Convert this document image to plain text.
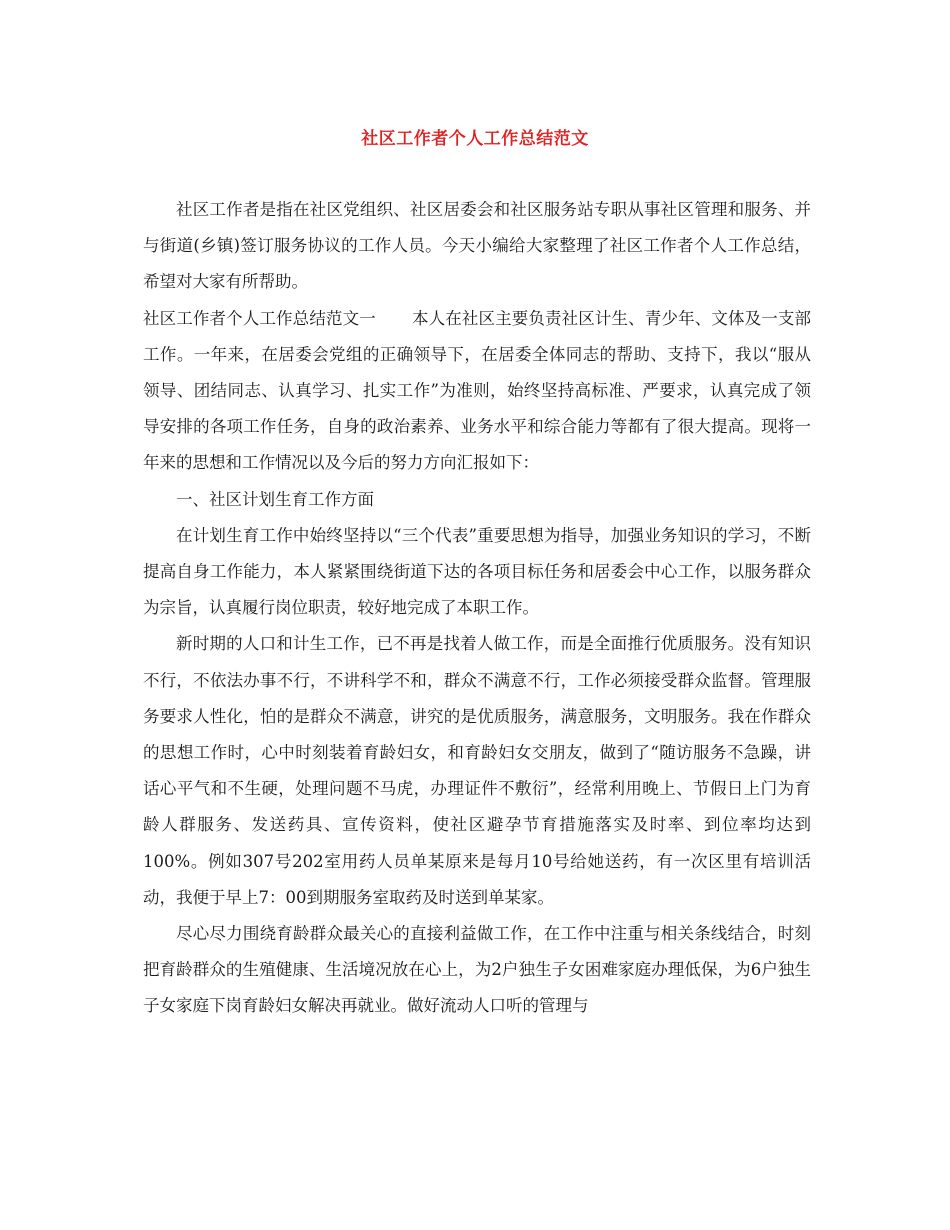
社区工作者个人工作总结范文

社区工作者是指在社区党组织、社区居委会和社区服务站专职从事社区管理和服务、并与街道(乡镇)签订服务协议的工作人员。今天小编给大家整理了社区工作者个人工作总结，希望对大家有所帮助。

社区工作者个人工作总结范文一 本人在社区主要负责社区计生、青少年、文体及一支部工作。一年来，在居委会党组的正确领导下，在居委全体同志的帮助、支持下，我以“服从领导、团结同志、认真学习、扎实工作”为准则，始终坚持高标准、严要求，认真完成了领导安排的各项工作任务，自身的政治素养、业务水平和综合能力等都有了很大提高。现将一年来的思想和工作情况以及今后的努力方向汇报如下：

一、社区计划生育工作方面

在计划生育工作中始终坚持以“三个代表”重要思想为指导，加强业务知识的学习，不断提高自身工作能力，本人紧紧围绕街道下达的各项目标任务和居委会中心工作，以服务群众为宗旨，认真履行岗位职责，较好地完成了本职工作。

新时期的人口和计生工作，已不再是找着人做工作，而是全面推行优质服务。没有知识不行，不依法办事不行，不讲科学不和，群众不满意不行，工作必须接受群众监督。管理服务要求人性化，怕的是群众不满意，讲究的是优质服务，满意服务，文明服务。我在作群众的思想工作时，心中时刻装着育龄妇女，和育龄妇女交朋友，做到了“随访服务不急躁，讲话心平气和不生硬，处理问题不马虎，办理证件不敷衍”，经常利用晚上、节假日上门为育龄人群服务、发送药具、宣传资料，使社区避孕节育措施落实及时率、到位率均达到100%。例如307号202室用药人员单某原来是每月10号给她送药，有一次区里有培训活动，我便于早上7：00到期服务室取药及时送到单某家。

尽心尽力围绕育龄群众最关心的直接利益做工作，在工作中注重与相关条线结合，时刻把育龄群众的生殖健康、生活境况放在心上，为2户独生子女困难家庭办理低保，为6户独生子女家庭下岗育龄妇女解决再就业。做好流动人口听的管理与
